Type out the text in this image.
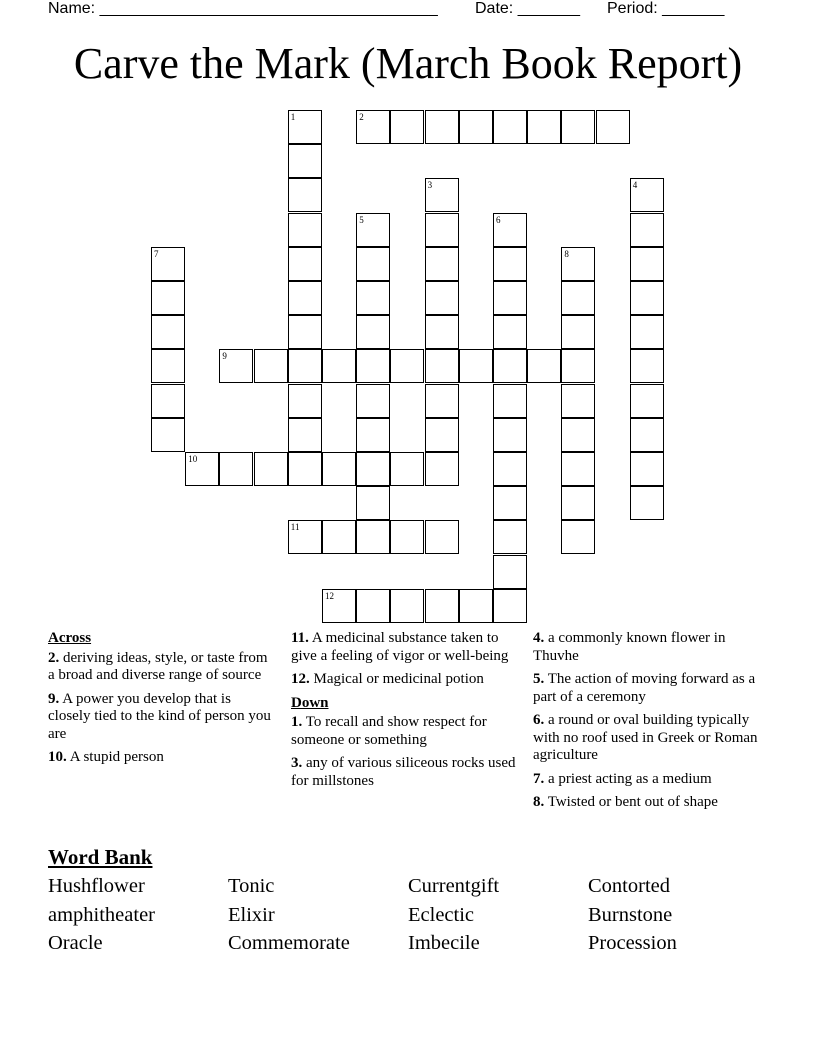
Name: ______________________________________ Date: _______ Period: _______
Carve the Mark (March Book Report)
1	2
3	4
5	6
7	8
9
10
11
12
Across
2. deriving ideas, style, or taste from a broad and diverse range of source
9. A power you develop that is closely tied to the kind of person you are
10. A stupid person
11. A medicinal substance taken to give a feeling of vigor or well-being
12. Magical or medicinal potion
Down
1. To recall and show respect for someone or something
3. any of various siliceous rocks used for millstones
4. a commonly known flower in Thuvhe
5. The action of moving forward as a part of a ceremony
6. a round or oval building typically with no roof used in Greek or Roman agriculture
7. a priest acting as a medium
8. Twisted or bent out of shape
Word Bank
Hushflower	Tonic	Currentgift	Contorted
amphitheater	Elixir	Eclectic	Burnstone
Oracle	Commemorate	Imbecile	Procession
